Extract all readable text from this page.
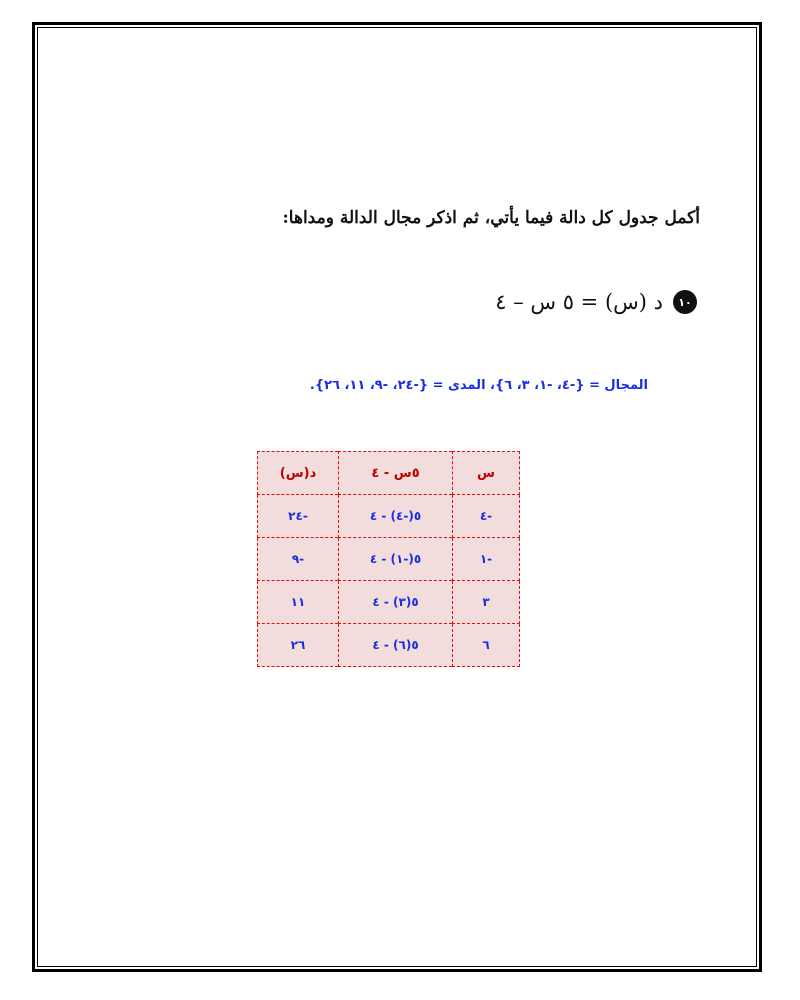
أكمل جدول كل دالة فيما يأتي، ثم اذكر مجال الدالة ومداها:
١٠
د (س) = ٥ س – ٤
المجال = {-٤، -١، ٣، ٦}، المدى = {-٢٤، -٩، ١١، ٢٦}.
س	٥س - ٤	د(س)
-٤	٥(-٤) - ٤	-٢٤
-١	٥(-١) - ٤	-٩
٣	٥(٣) - ٤	١١
٦	٥(٦) - ٤	٢٦
